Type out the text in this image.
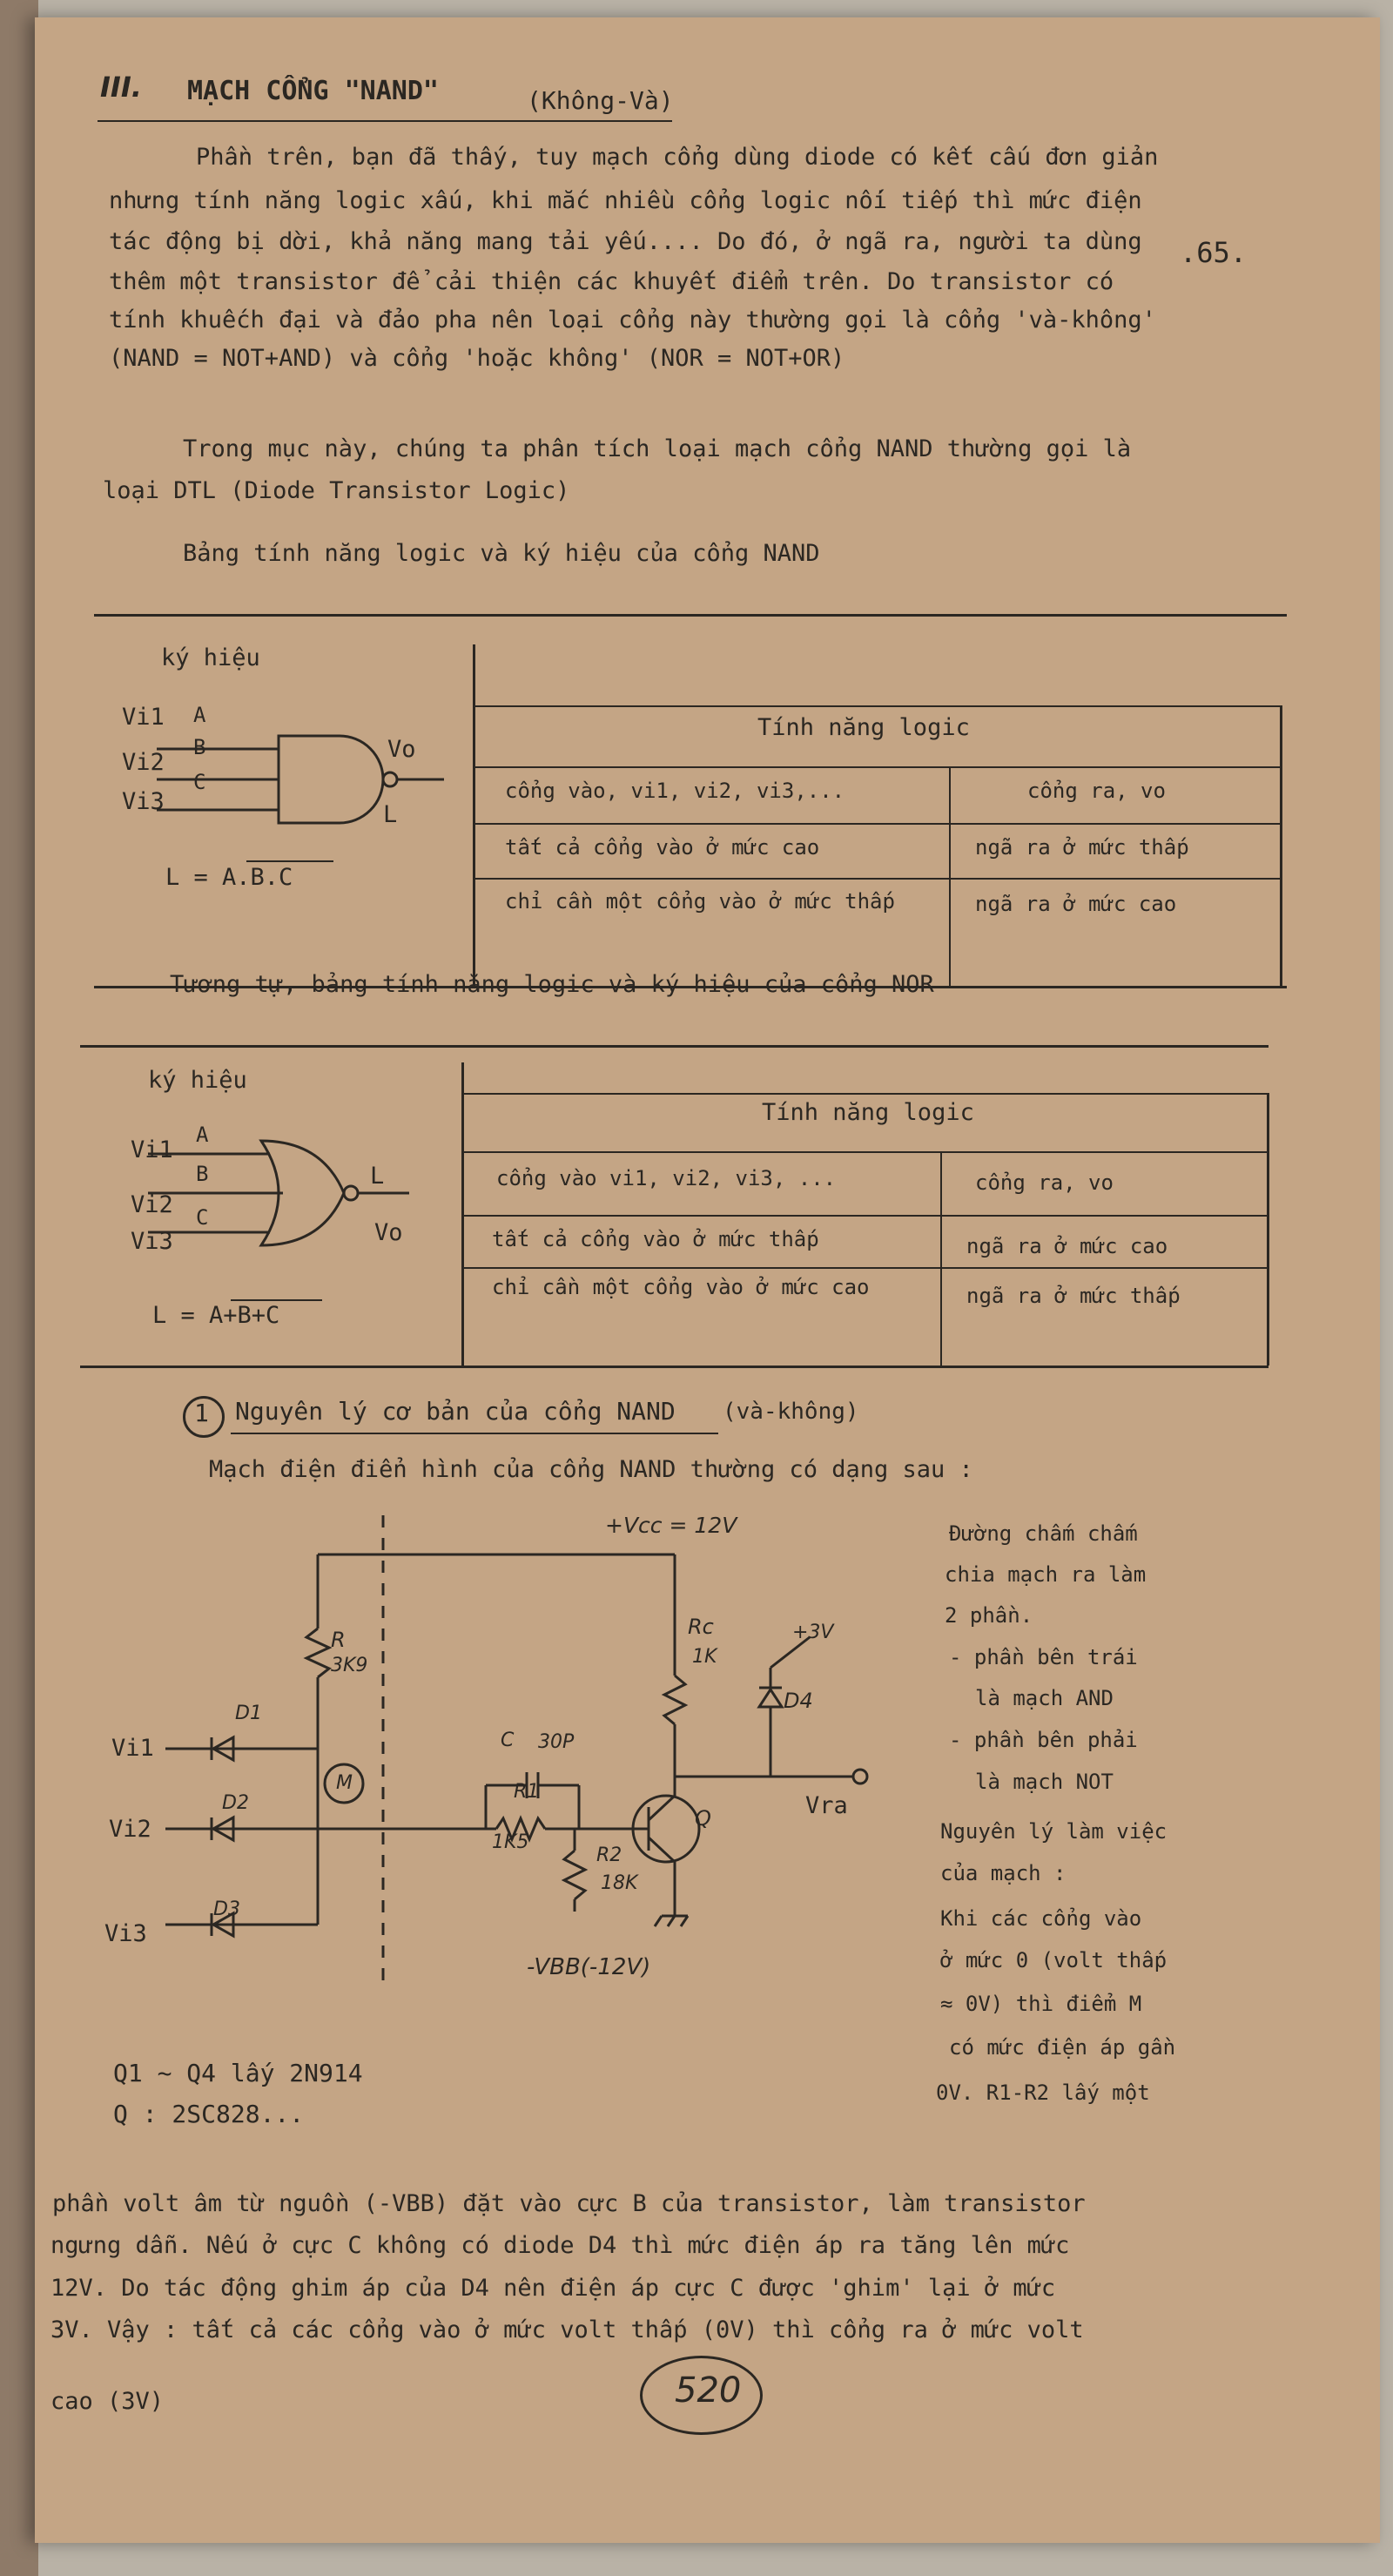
III. MẠCH CỔNG "NAND"	(Không-Và)
.65.
Phần trên, bạn đã thấy, tuy mạch cổng dùng diode có kết cấu đơn giản
nhưng tính năng logic xấu, khi mắc nhiều cổng logic nối tiếp thì mức điện
tác động bị dời, khả năng mang tải yếu.... Do đó, ở ngã ra, người ta dùng
thêm một transistor để cải thiện các khuyết điểm trên. Do transistor có
tính khuếch đại và đảo pha nên loại cổng này thường gọi là cổng 'và-không'
(NAND = NOT+AND) và cổng 'hoặc không' (NOR = NOT+OR)
Trong mục này, chúng ta phân tích loại mạch cổng NAND thường gọi là
loại DTL (Diode Transistor Logic)
Bảng tính năng logic và ký hiệu của cổng NAND
ký hiệu
Tính năng logic
cổng vào, vi1, vi2, vi3,...	cổng ra, vo
tất cả cổng vào ở mức cao	ngã ra ở mức thấp
chỉ cần một cổng vào ở mức thấp	ngã ra ở mức cao
Vi1
Vi2
Vi3
A
B
C
Vo
L
L = A.B.C
Tương tự, bảng tính năng logic và ký hiệu của cổng NOR
ký hiệu
Tính năng logic
cổng vào vi1, vi2, vi3, ...	cổng ra, vo
tất cả cổng vào ở mức thấp	ngã ra ở mức cao
chỉ cần một cổng vào ở mức cao	ngã ra ở mức thấp
Vi1
Vi2
Vi3
A
B
C
L
Vo
L = A+B+C
1 Nguyên lý cơ bản của cổng NAND (và-không)
Mạch điện điển hình của cổng NAND thường có dạng sau :
+Vcc = 12V
R
3K9
Rc
1K
+3V
D4
C 30P
R1
1K5
R2
18K
Q
M
D1
D2
D3
Vi1
Vi2
Vi3
Vra
-VBB(-12V)
Q1 ~ Q4 lấy 2N914
Q : 2SC828...
Đường chấm chấm
chia mạch ra làm
2 phần.
- phần bên trái
là mạch AND
- phần bên phải
là mạch NOT
Nguyên lý làm việc
của mạch :
Khi các cổng vào
ở mức 0 (volt thấp
≈ 0V) thì điểm M
có mức điện áp gần
0V. R1-R2 lấy một
phần volt âm từ nguồn (-VBB) đặt vào cực B của transistor, làm transistor
ngưng dẫn. Nếu ở cực C không có diode D4 thì mức điện áp ra tăng lên mức
12V. Do tác động ghim áp của D4 nên điện áp cực C được 'ghim' lại ở mức
3V. Vậy : tất cả các cổng vào ở mức volt thấp (0V) thì cổng ra ở mức volt
cao (3V)	520
